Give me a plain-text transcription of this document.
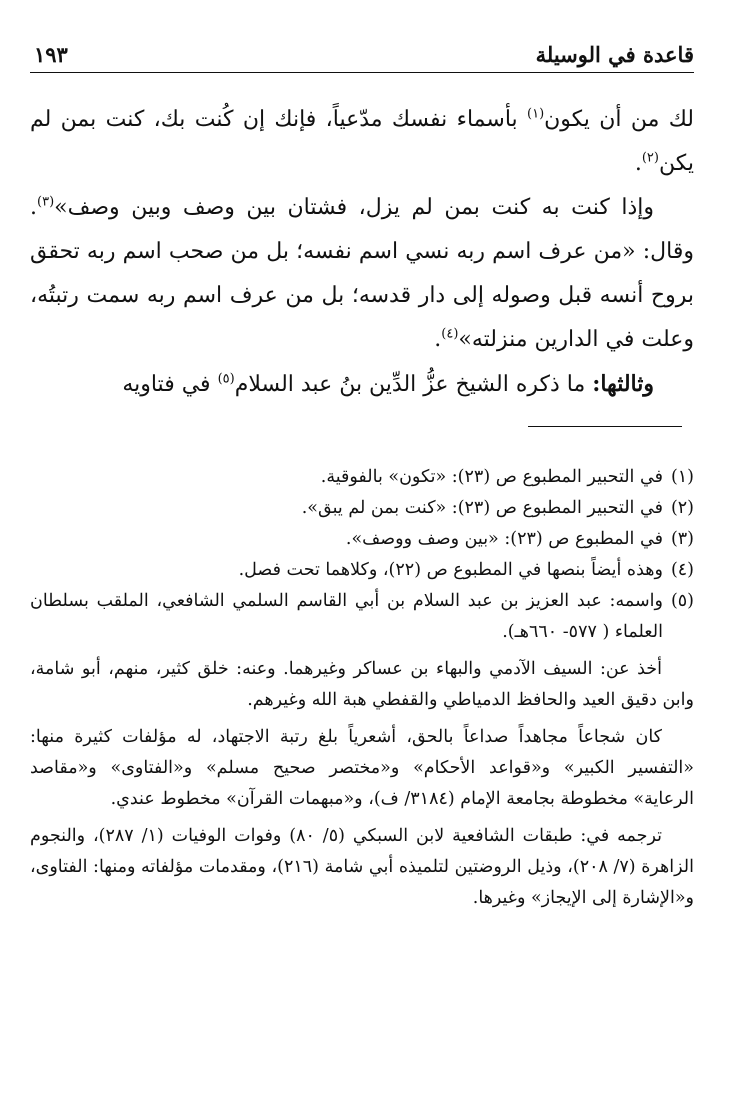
قاعدة في الوسيلة
١٩٣

لك من أن يكون$^{(١)}$ بأسماء نفسك مدّعياً، فإنك إن كُنت بك، كنت بمن لم يكن$^{(٢)}$.

وإذا كنت به كنت بمن لم يزل، فشتان بين وصف وبين وصف»$^{(٣)}$. وقال: «من عرف اسم ربه نسي اسم نفسه؛ بل من صحب اسم ربه تحقق بروح أنسه قبل وصوله إلى دار قدسه؛ بل من عرف اسم ربه سمت رتبتُه، وعلت في الدارين منزلته»$^{(٤)}$.

وثالثها: ما ذكره الشيخ عزُّ الدِّين بنُ عبد السلام$^{(٥)}$ في فتاويه

(١)
في التحبير المطبوع ص (٢٣): «تكون» بالفوقية.
(٢)
في التحبير المطبوع ص (٢٣): «كنت بمن لم يبق».
(٣)
في المطبوع ص (٢٣): «بين وصف ووصف».
(٤)
وهذه أيضاً بنصها في المطبوع ص (٢٢)، وكلاهما تحت فصل.
(٥)
واسمه: عبد العزيز بن عبد السلام بن أبي القاسم السلمي الشافعي، الملقب بسلطان العلماء ( ٥٧٧- ٦٦٠هـ).
أخذ عن: السيف الآدمي والبهاء بن عساكر وغيرهما. وعنه: خلق كثير، منهم، أبو شامة، وابن دقيق العيد والحافظ الدمياطي والقفطي هبة الله وغيرهم.
كان شجاعاً مجاهداً صداعاً بالحق، أشعرياً بلغ رتبة الاجتهاد، له مؤلفات كثيرة منها: «التفسير الكبير» و«قواعد الأحكام» و«مختصر صحيح مسلم» و«الفتاوى» و«مقاصد الرعاية» مخطوطة بجامعة الإمام (٣١٨٤/ ف)، و«مبهمات القرآن» مخطوط عندي.
ترجمه في: طبقات الشافعية لابن السبكي (٥/ ٨٠) وفوات الوفيات (١/ ٢٨٧)، والنجوم الزاهرة (٧/ ٢٠٨)، وذيل الروضتين لتلميذه أبي شامة (٢١٦)، ومقدمات مؤلفاته ومنها: الفتاوى، و«الإشارة إلى الإيجاز» وغيرها.
